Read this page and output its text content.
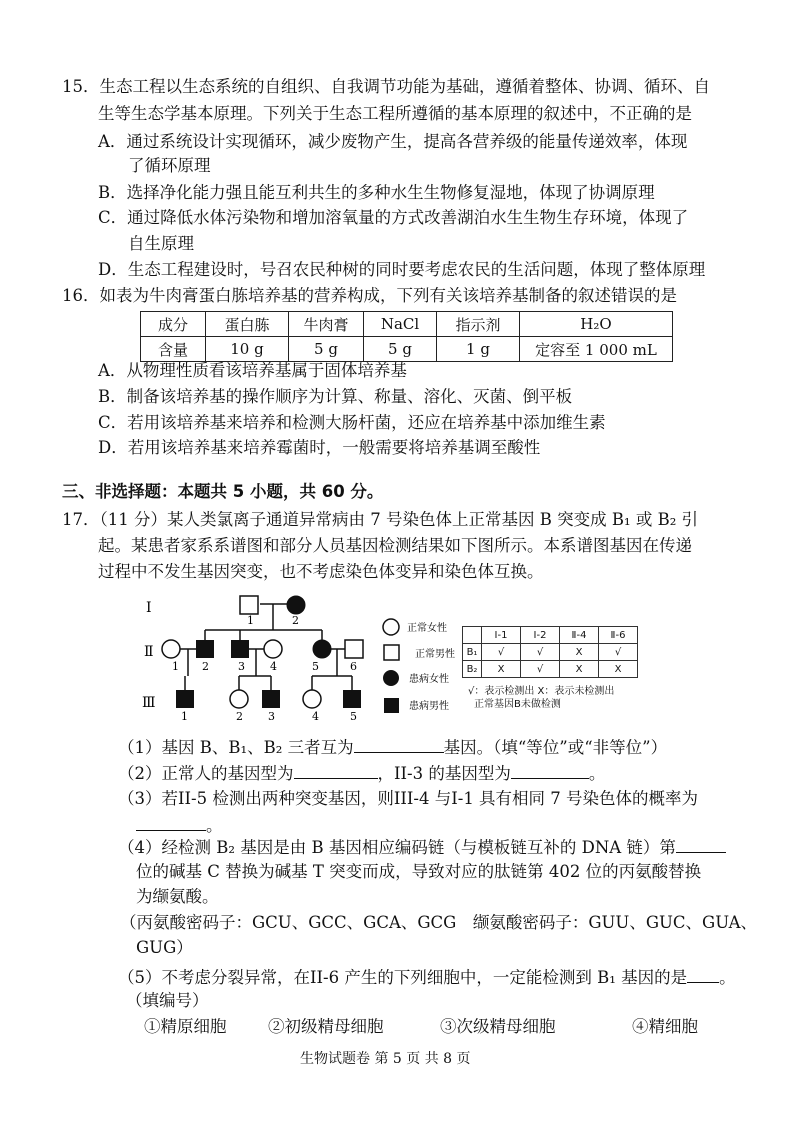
15．生态工程以生态系统的自组织、自我调节功能为基础，遵循着整体、协调、循环、自
生等生态学基本原理。下列关于生态工程所遵循的基本原理的叙述中，不正确的是
A．通过系统设计实现循环，减少废物产生，提高各营养级的能量传递效率，体现
了循环原理
B．选择净化能力强且能互利共生的多种水生生物修复湿地，体现了协调原理
C．通过降低水体污染物和增加溶氧量的方式改善湖泊水生生物生存环境，体现了
自生原理
D．生态工程建设时，号召农民种树的同时要考虑农民的生活问题，体现了整体原理
16．如表为牛肉膏蛋白胨培养基的营养构成，下列有关该培养基制备的叙述错误的是
成分	蛋白胨	牛肉膏	NaCl	指示剂	H₂O
含量	10 g	5 g	5 g	1 g	定容至 1 000 mL
A．从物理性质看该培养基属于固体培养基
B．制备该培养基的操作顺序为计算、称量、溶化、灭菌、倒平板
C．若用该培养基来培养和检测大肠杆菌，还应在培养基中添加维生素
D．若用该培养基来培养霉菌时，一般需要将培养基调至酸性
三、非选择题：本题共 5 小题，共 60 分。
17．（11 分）某人类氯离子通道异常病由 7 号染色体上正常基因 B 突变成 B₁ 或 B₂ 引
起。某患者家系系谱图和部分人员基因检测结果如下图所示。本系谱图基因在传递
过程中不发生基因突变，也不考虑染色体变异和染色体互换。
Ⅰ
Ⅱ
Ⅲ
1	2
1 2	3 4	5	6
1	2 3	4	5
正常女性
正常男性
患病女性
患病男性
	Ⅰ-1	Ⅰ-2	Ⅱ-4	Ⅱ-6
B₁	√	√	X	√
B₂	X	√	X	X
√：表示检测出 X：表示未检测出
正常基因B未做检测
（1）基因 B、B₁、B₂ 三者互为	基因。（填“等位”或“非等位”）
（2）正常人的基因型为	，II-3 的基因型为	。
（3）若II-5 检测出两种突变基因，则III-4 与I-1 具有相同 7 号染色体的概率为
。
（4）经检测 B₂ 基因是由 B 基因相应编码链（与模板链互补的 DNA 链）第
位的碱基 C 替换为碱基 T 突变而成，导致对应的肽链第 402 位的丙氨酸替换
为缬氨酸。
（丙氨酸密码子：GCU、GCC、GCA、GCG　缬氨酸密码子：GUU、GUC、GUA、
GUG）
（5）不考虑分裂异常，在II-6 产生的下列细胞中，一定能检测到 B₁ 基因的是 。
（填编号）
①精原细胞	②初级精母细胞	③次级精母细胞	④精细胞
生物试题卷 第 5 页 共 8 页
